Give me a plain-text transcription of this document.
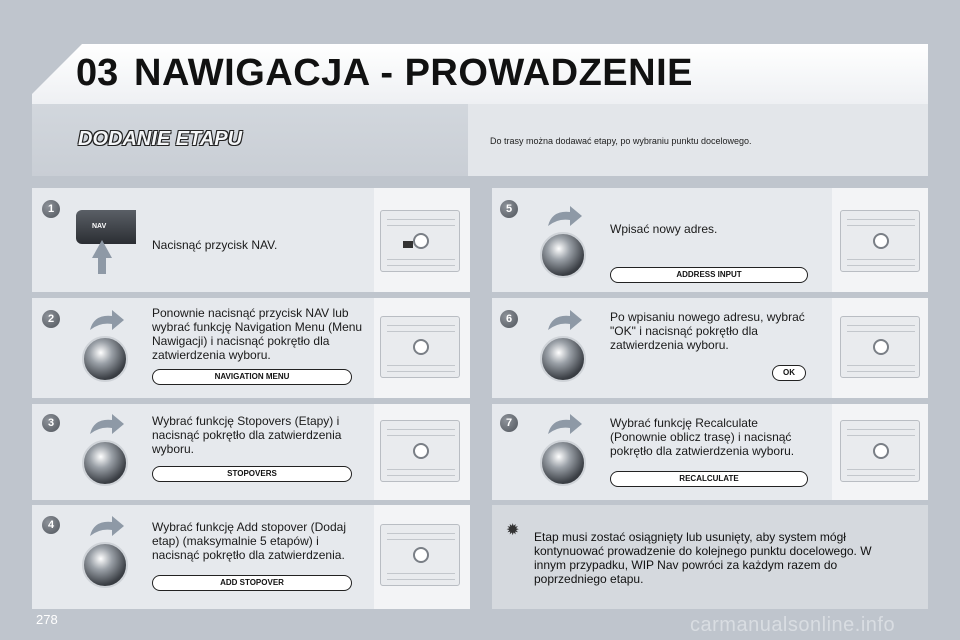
03 NAWIGACJA - PROWADZENIE
DODANIE ETAPU	Do trasy można dodawać etapy, po wybraniu punktu docelowego.
1
2
3
4
5
6
7
NAV
Nacisnąć przycisk NAV.
Ponownie nacisnąć przycisk NAV lub wybrać funkcję Navigation Menu (Menu Nawigacji) i nacisnąć pokrętło dla zatwierdzenia wyboru.
Wybrać funkcję Stopovers (Etapy) i nacisnąć pokrętło dla zatwierdzenia wyboru.
Wybrać funkcję Add stopover (Dodaj etap) (maksymalnie 5 etapów) i nacisnąć pokrętło dla zatwierdzenia.
Wpisać nowy adres.
Po wpisaniu nowego adresu, wybrać "OK" i nacisnąć pokrętło dla zatwierdzenia wyboru.
Wybrać funkcję Recalculate (Ponownie oblicz trasę) i nacisnąć pokrętło dla zatwierdzenia wyboru.
NAVIGATION MENU
STOPOVERS
ADD STOPOVER
ADDRESS INPUT
OK
RECALCULATE
✹ Etap musi zostać osiągnięty lub usunięty, aby system mógł kontynuować prowadzenie do kolejnego punktu docelowego. W innym przypadku, WIP Nav powróci za każdym razem do poprzedniego etapu.
278	carmanualsonline.info
